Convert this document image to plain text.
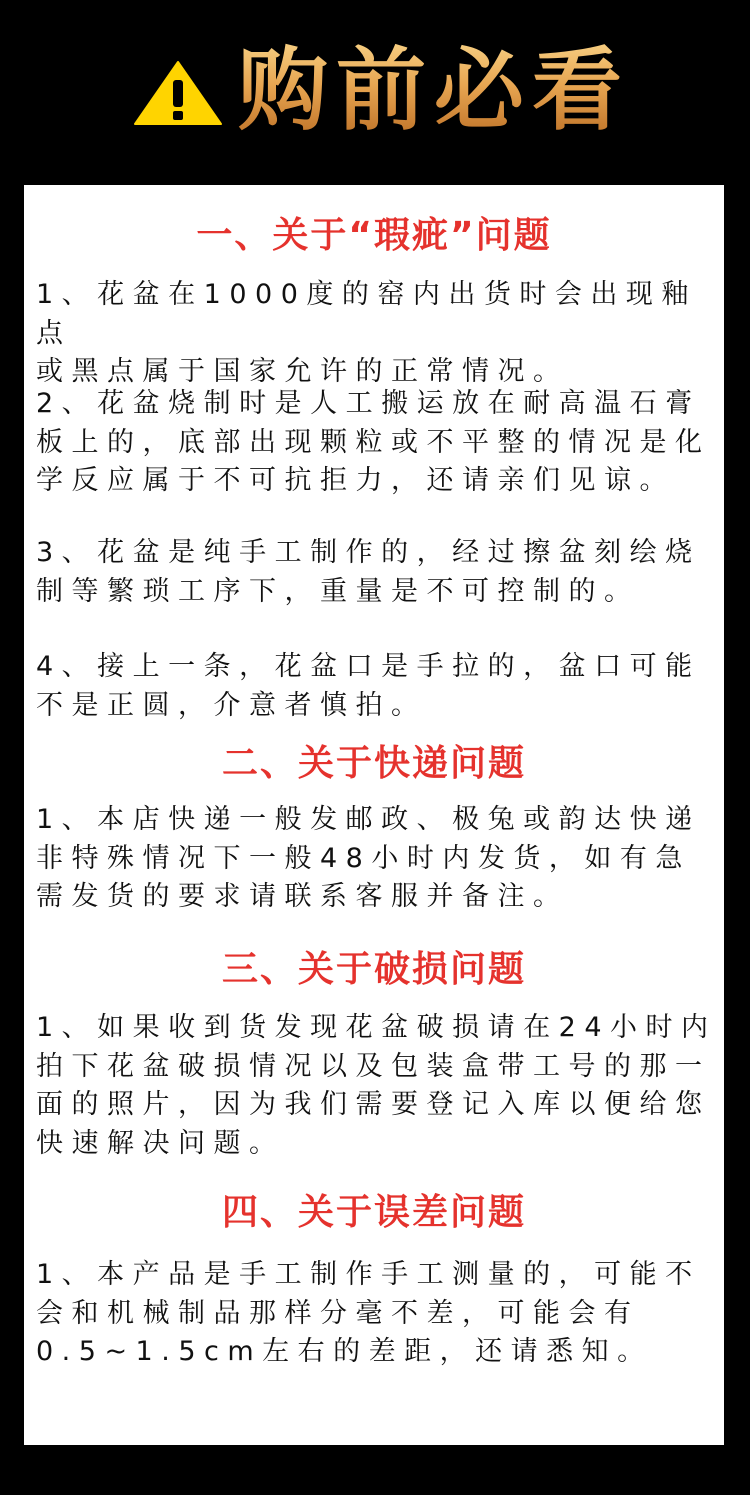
购前必看
一、关于“瑕疵”问题

1、花盆在1000度的窑内出货时会出现釉点
或黑点属于国家允许的正常情况。

2、花盆烧制时是人工搬运放在耐高温石膏
板上的，底部出现颗粒或不平整的情况是化
学反应属于不可抗拒力，还请亲们见谅。

3、花盆是纯手工制作的，经过擦盆刻绘烧
制等繁琐工序下，重量是不可控制的。

4、接上一条，花盆口是手拉的，盆口可能
不是正圆，介意者慎拍。

二、关于快递问题

1、本店快递一般发邮政、极兔或韵达快递
非特殊情况下一般48小时内发货，如有急
需发货的要求请联系客服并备注。

三、关于破损问题

1、如果收到货发现花盆破损请在24小时内
拍下花盆破损情况以及包装盒带工号的那一
面的照片，因为我们需要登记入库以便给您
快速解决问题。

四、关于误差问题

1、本产品是手工制作手工测量的，可能不
会和机械制品那样分毫不差，可能会有
0.5~1.5cm左右的差距，还请悉知。
